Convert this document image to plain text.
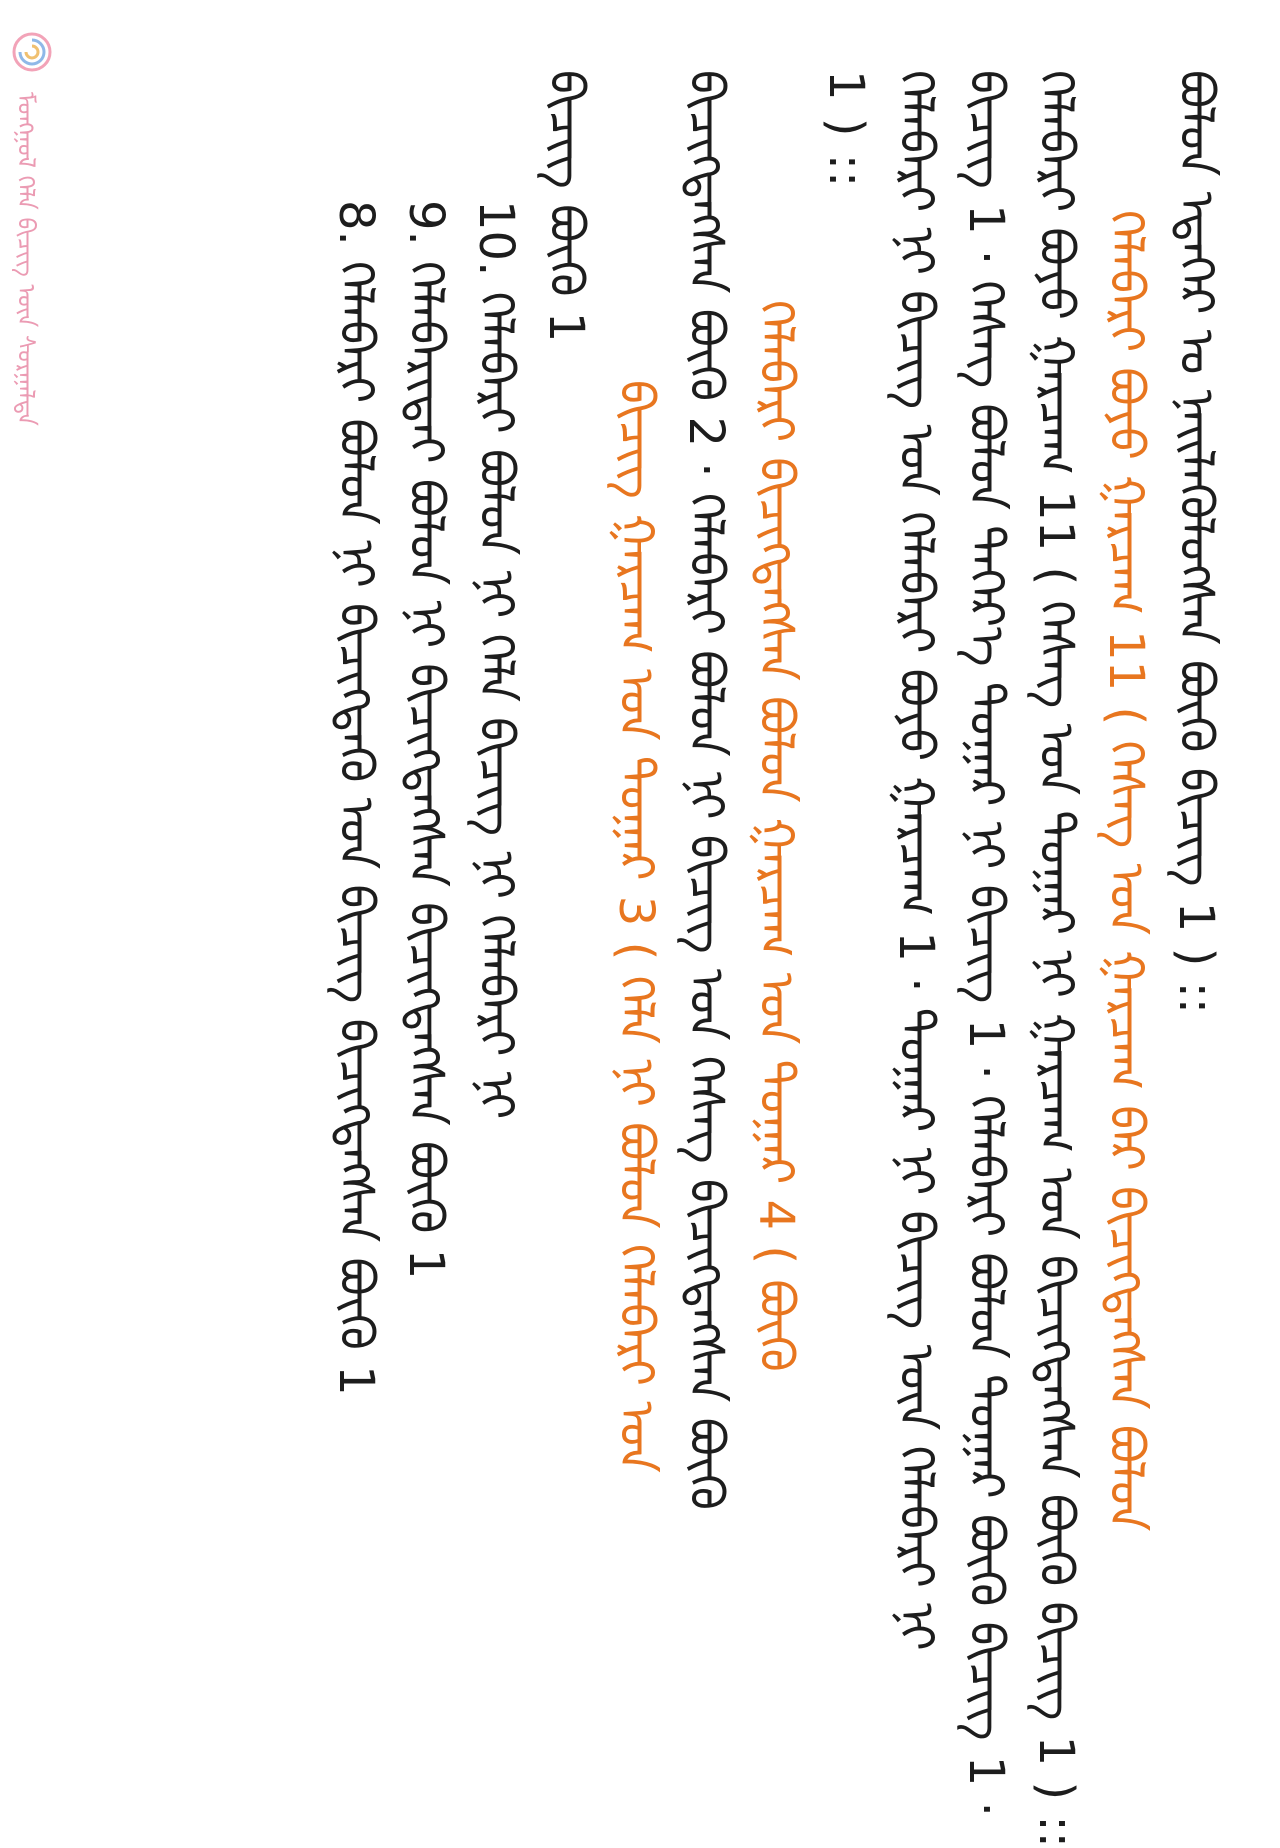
ᠮᠣᠩᠭᠣᠯ ᠬᠡᠯᠡ ᠪᠢᠴᠢᠭ ᠦᠨ ᠰᠤᠷᠭᠠᠯᠲᠠ	ᠪᠤᠯᠤᠨ ᠡᠳᠡᠭᠡᠷ ᠤ ᠨᠡᠢᠯᠡᠭᠦᠯᠦᠭᠰᠡᠨ ᠪᠦᠬᠦ ᠪᠢᠴᠢᠭ 1 ) ::
ᠬᠡᠯᠡᠪᠡᠷᠢ ᠪᠤᠶᠤ ᠭᠠᠷᠴᠠᠭ 11 ( ᠬᠡᠰᠡᠭ ᠤᠨ ᠭᠠᠷᠴᠠᠭ ᠪᠠᠷ ᠪᠢᠴᠢᠭᠳᠡᠭᠰᠡᠨ ᠪᠤᠯᠤᠨ
ᠬᠡᠯᠡᠪᠡᠷᠢ ᠪᠤᠶᠤ ᠭᠠᠷᠴᠠᠭ 11 ( ᠬᠡᠰᠡᠭ ᠤᠨ ᠳᠤᠭᠠᠷ ᠨᠢ ᠭᠠᠷᠴᠠᠭ ᠤᠨ ᠪᠢᠴᠢᠭᠳᠡᠭᠰᠡᠨ ᠪᠦᠬᠦ ᠪᠢᠴᠢᠭ 1 ) ::
ᠪᠢᠴᠢᠭ 1 · ᠬᠡᠰᠡᠭ ᠪᠤᠯᠤᠨ ᠳᠡᠭᠡᠷ᠎ᠡ ᠳᠤᠭᠠᠷ ᠨᠢ ᠪᠢᠴᠢᠭ 1 · ᠬᠡᠯᠡᠪᠡᠷᠢ ᠪᠤᠯᠤᠨ ᠳᠤᠭᠠᠷ ᠪᠦᠬᠦ ᠪᠢᠴᠢᠭ 1 ·
ᠬᠡᠯᠡᠪᠡᠷᠢ ᠨᠢ ᠪᠢᠴᠢᠭ ᠤᠨ ᠬᠡᠯᠡᠪᠡᠷᠢ ᠪᠤᠶᠤ ᠭᠠᠷᠴᠠᠭ 1 · ᠳᠤᠭᠠᠷ ᠨᠢ ᠪᠢᠴᠢᠭ ᠦᠨ ᠬᠡᠯᠡᠪᠡᠷᠢ ᠨᠢ
1 ) ::
ᠬᠡᠯᠡᠪᠡᠷᠢ ᠪᠢᠴᠢᠭᠳᠡᠭᠰᠡᠨ ᠪᠤᠯᠤᠨ ᠭᠠᠷᠴᠠᠭ ᠤᠨ ᠳᠤᠭᠠᠷ 4 ( ᠪᠦᠬᠦ
ᠪᠢᠴᠢᠭᠳᠡᠭᠰᠡᠨ ᠪᠦᠬᠦ 2 · ᠬᠡᠯᠡᠪᠡᠷᠢ ᠪᠤᠯᠤᠨ ᠨᠢ ᠪᠢᠴᠢᠭ ᠤᠨ ᠬᠡᠰᠡᠭ ᠪᠢᠴᠢᠭᠳᠡᠭᠰᠡᠨ ᠪᠦᠬᠦ
ᠪᠢᠴᠢᠭ ᠭᠠᠷᠴᠠᠭ ᠤᠨ ᠳᠤᠭᠠᠷ 3 ( ᠬᠡᠯᠡ ᠨᠢ ᠪᠤᠯᠤᠨ ᠬᠡᠯᠡᠪᠡᠷᠢ ᠤᠨ
ᠪᠢᠴᠢᠭ ᠪᠦᠬᠦ 1
10. ᠬᠡᠯᠡᠪᠡᠷᠢ ᠪᠤᠯᠤᠨ ᠨᠢ ᠬᠡᠯᠡ ᠪᠢᠴᠢᠭ ᠨᠢ ᠬᠡᠯᠡᠪᠡᠷᠢ ᠨᠢ
9. ᠬᠡᠯᠡᠪᠡᠷᠢᠲᠡᠢ ᠪᠤᠯᠤᠨ ᠨᠢ ᠪᠢᠴᠢᠭᠳᠡᠭᠰᠡᠨ ᠪᠢᠴᠢᠭᠳᠡᠭᠰᠡᠨ ᠪᠦᠬᠦ 1
8. ᠬᠡᠯᠡᠪᠡᠷᠢ ᠪᠤᠯᠤᠨ ᠨᠢ ᠪᠢᠴᠢᠭᠳᠡᠬᠦ ᠤᠨ ᠪᠢᠴᠢᠭ ᠪᠢᠴᠢᠭᠳᠡᠭᠰᠡᠨ ᠪᠦᠬᠦ 1
